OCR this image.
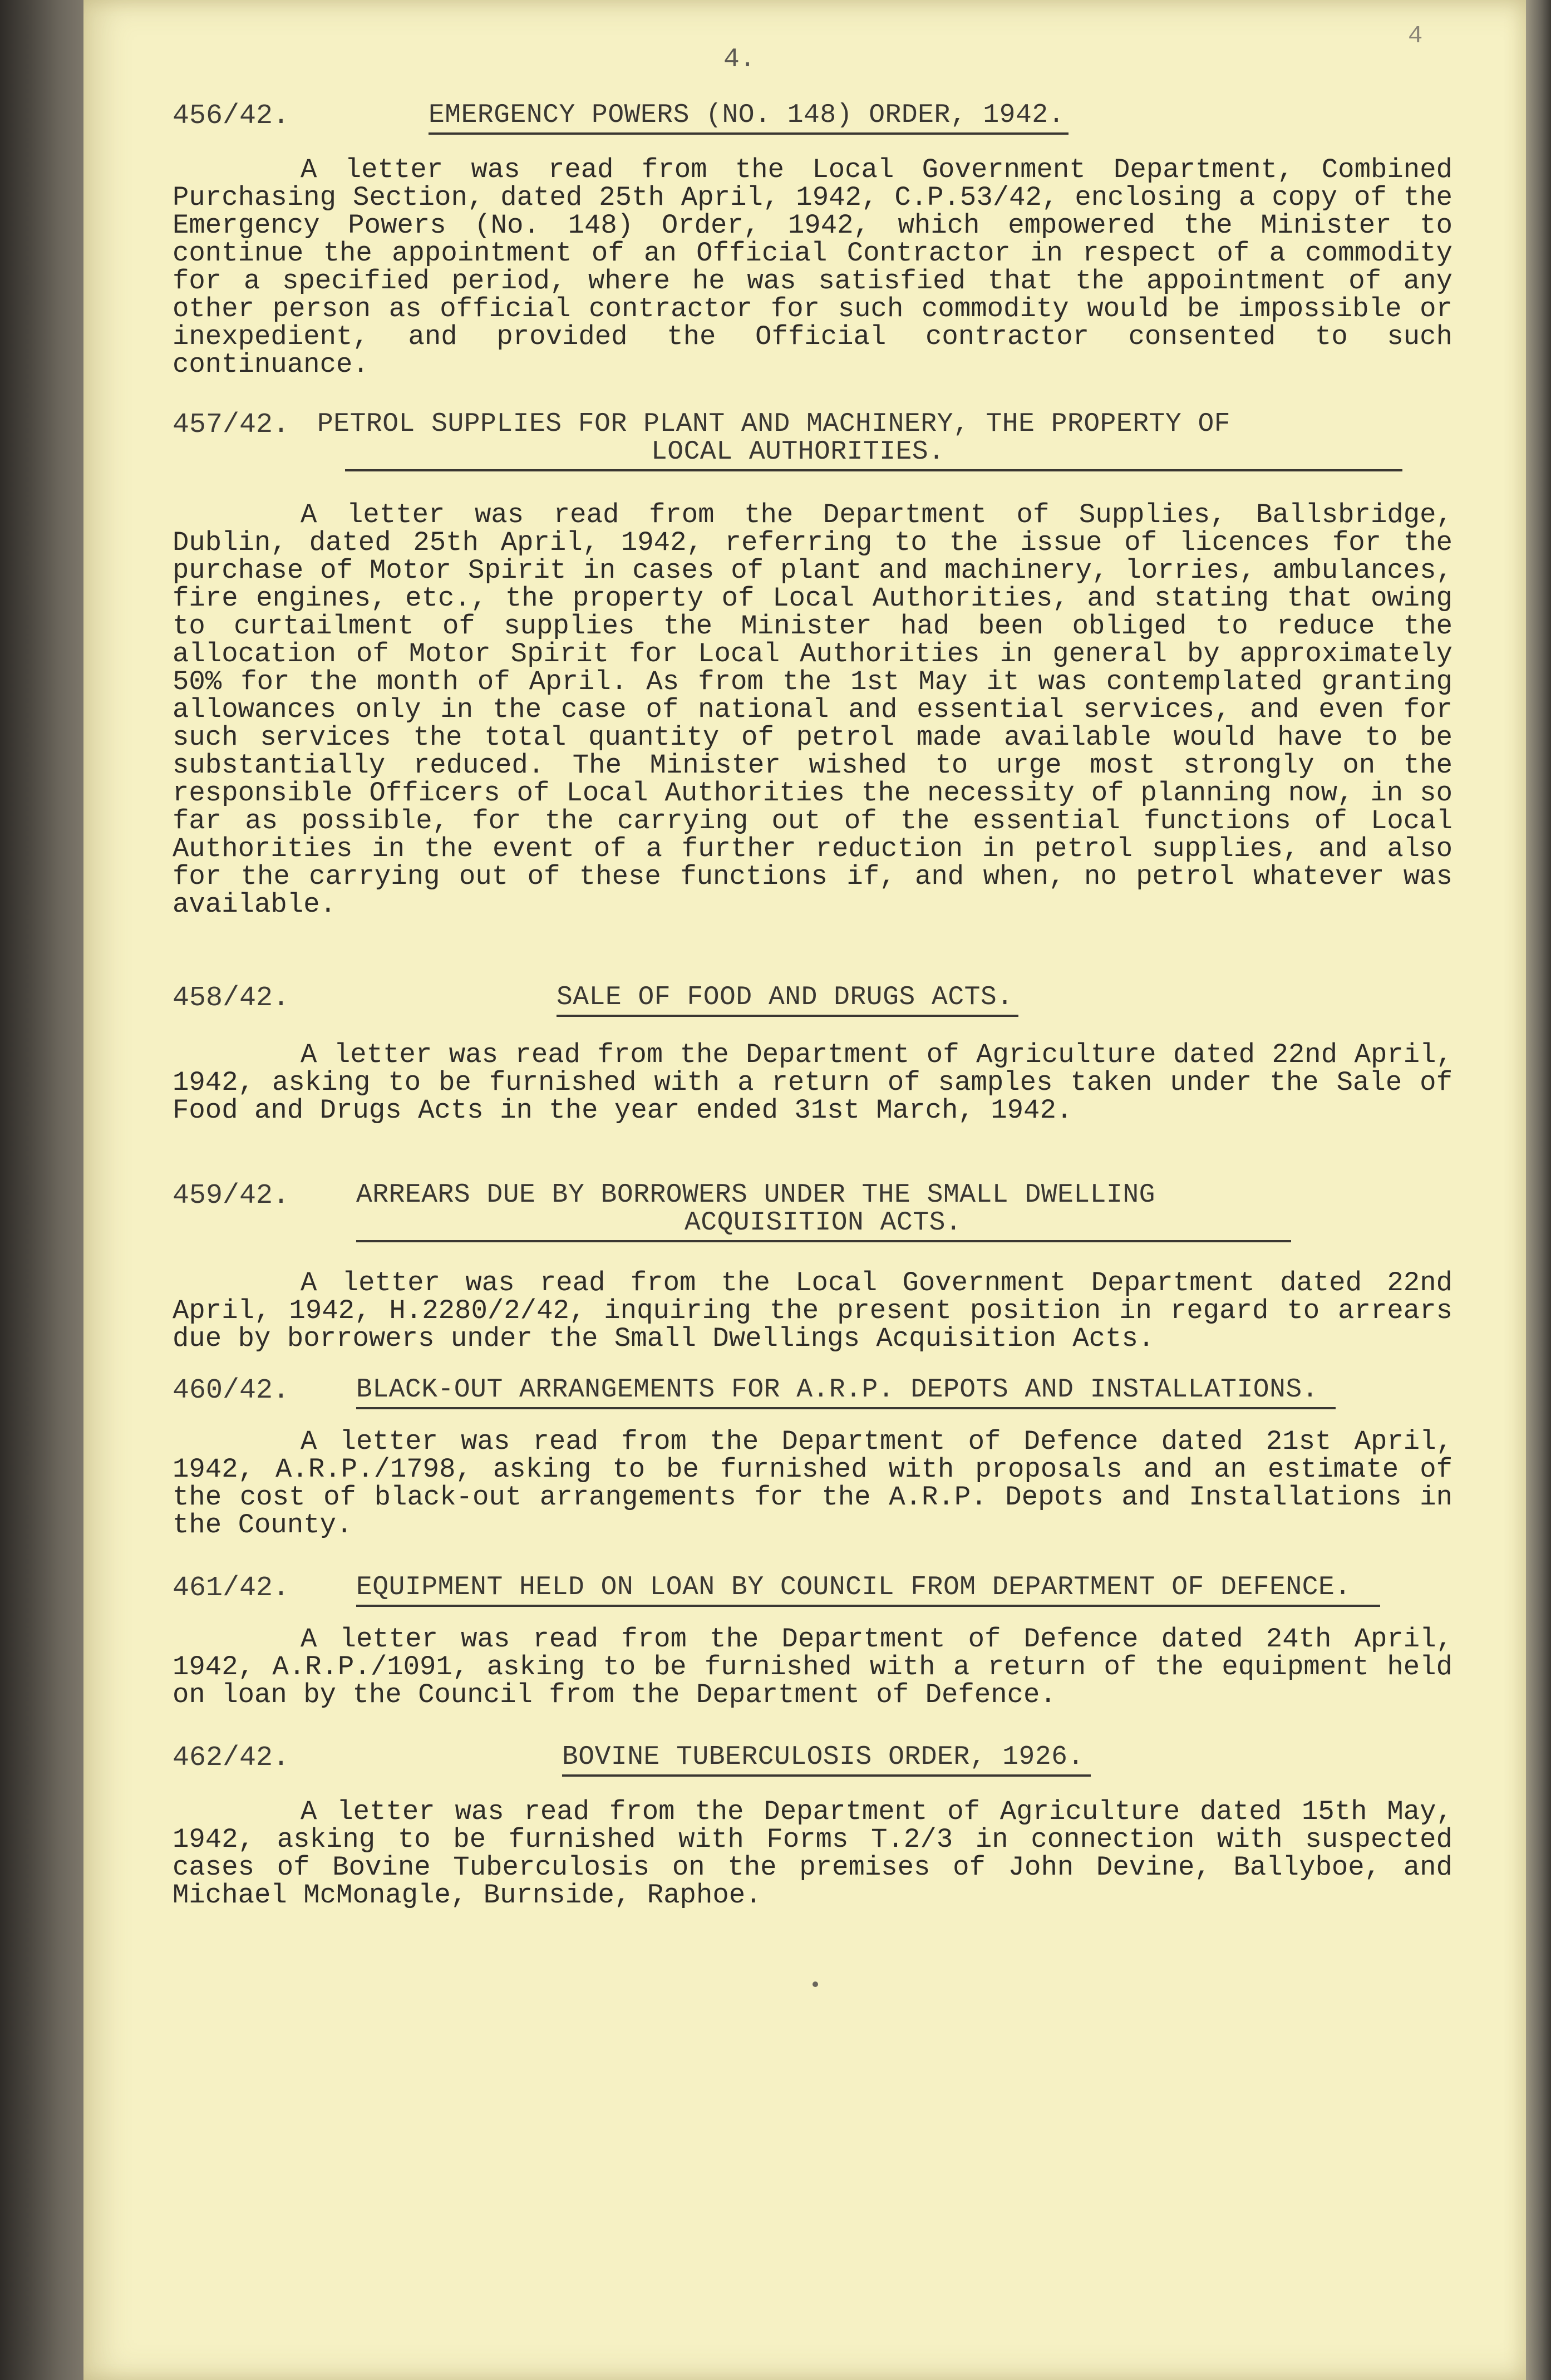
4.
4
456/42.	EMERGENCY POWERS (NO. 148) ORDER, 1942.
A letter was read from the Local Government Department, Combined Purchasing Section, dated 25th April, 1942, C.P.53/42, enclosing a copy of the Emergency Powers (No. 148) Order, 1942, which empowered the Minister to continue the appointment of an Official Contractor in respect of a commodity for a specified period, where he was satisfied that the appointment of any other person as official contractor for such commodity would be impossible or inexpedient, and provided the Official contractor consented to such continuance.
457/42. PETROL SUPPLIES FOR PLANT AND MACHINERY, THE PROPERTY OF
LOCAL AUTHORITIES.
A letter was read from the Department of Supplies, Ballsbridge, Dublin, dated 25th April, 1942, referring to the issue of licences for the purchase of Motor Spirit in cases of plant and machinery, lorries, ambulances, fire engines, etc., the property of Local Authorities, and stating that owing to curtailment of supplies the Minister had been obliged to reduce the allocation of Motor Spirit for Local Authorities in general by approximately 50% for the month of April. As from the 1st May it was contemplated granting allowances only in the case of national and essential services, and even for such services the total quantity of petrol made available would have to be substantially reduced. The Minister wished to urge most strongly on the responsible Officers of Local Authorities the necessity of planning now, in so far as possible, for the carrying out of the essential functions of Local Authorities in the event of a further reduction in petrol supplies, and also for the carrying out of these functions if, and when, no petrol whatever was available.
458/42.	SALE OF FOOD AND DRUGS ACTS.
A letter was read from the Department of Agriculture dated 22nd April, 1942, asking to be furnished with a return of samples taken under the Sale of Food and Drugs Acts in the year ended 31st March, 1942.
459/42. ARREARS DUE BY BORROWERS UNDER THE SMALL DWELLING
ACQUISITION ACTS.
A letter was read from the Local Government Department dated 22nd April, 1942, H.2280/2/42, inquiring the present position in regard to arrears due by borrowers under the Small Dwellings Acquisition Acts.
460/42. BLACK-OUT ARRANGEMENTS FOR A.R.P. DEPOTS AND INSTALLATIONS.
A letter was read from the Department of Defence dated 21st April, 1942, A.R.P./1798, asking to be furnished with proposals and an estimate of the cost of black-out arrangements for the A.R.P. Depots and Installations in the County.
461/42. EQUIPMENT HELD ON LOAN BY COUNCIL FROM DEPARTMENT OF DEFENCE.
A letter was read from the Department of Defence dated 24th April, 1942, A.R.P./1091, asking to be furnished with a return of the equipment held on loan by the Council from the Department of Defence.
462/42.	BOVINE TUBERCULOSIS ORDER, 1926.
A letter was read from the Department of Agriculture dated 15th May, 1942, asking to be furnished with Forms T.2/3 in connection with suspected cases of Bovine Tuberculosis on the premises of John Devine, Ballyboe, and Michael McMonagle, Burnside, Raphoe.
